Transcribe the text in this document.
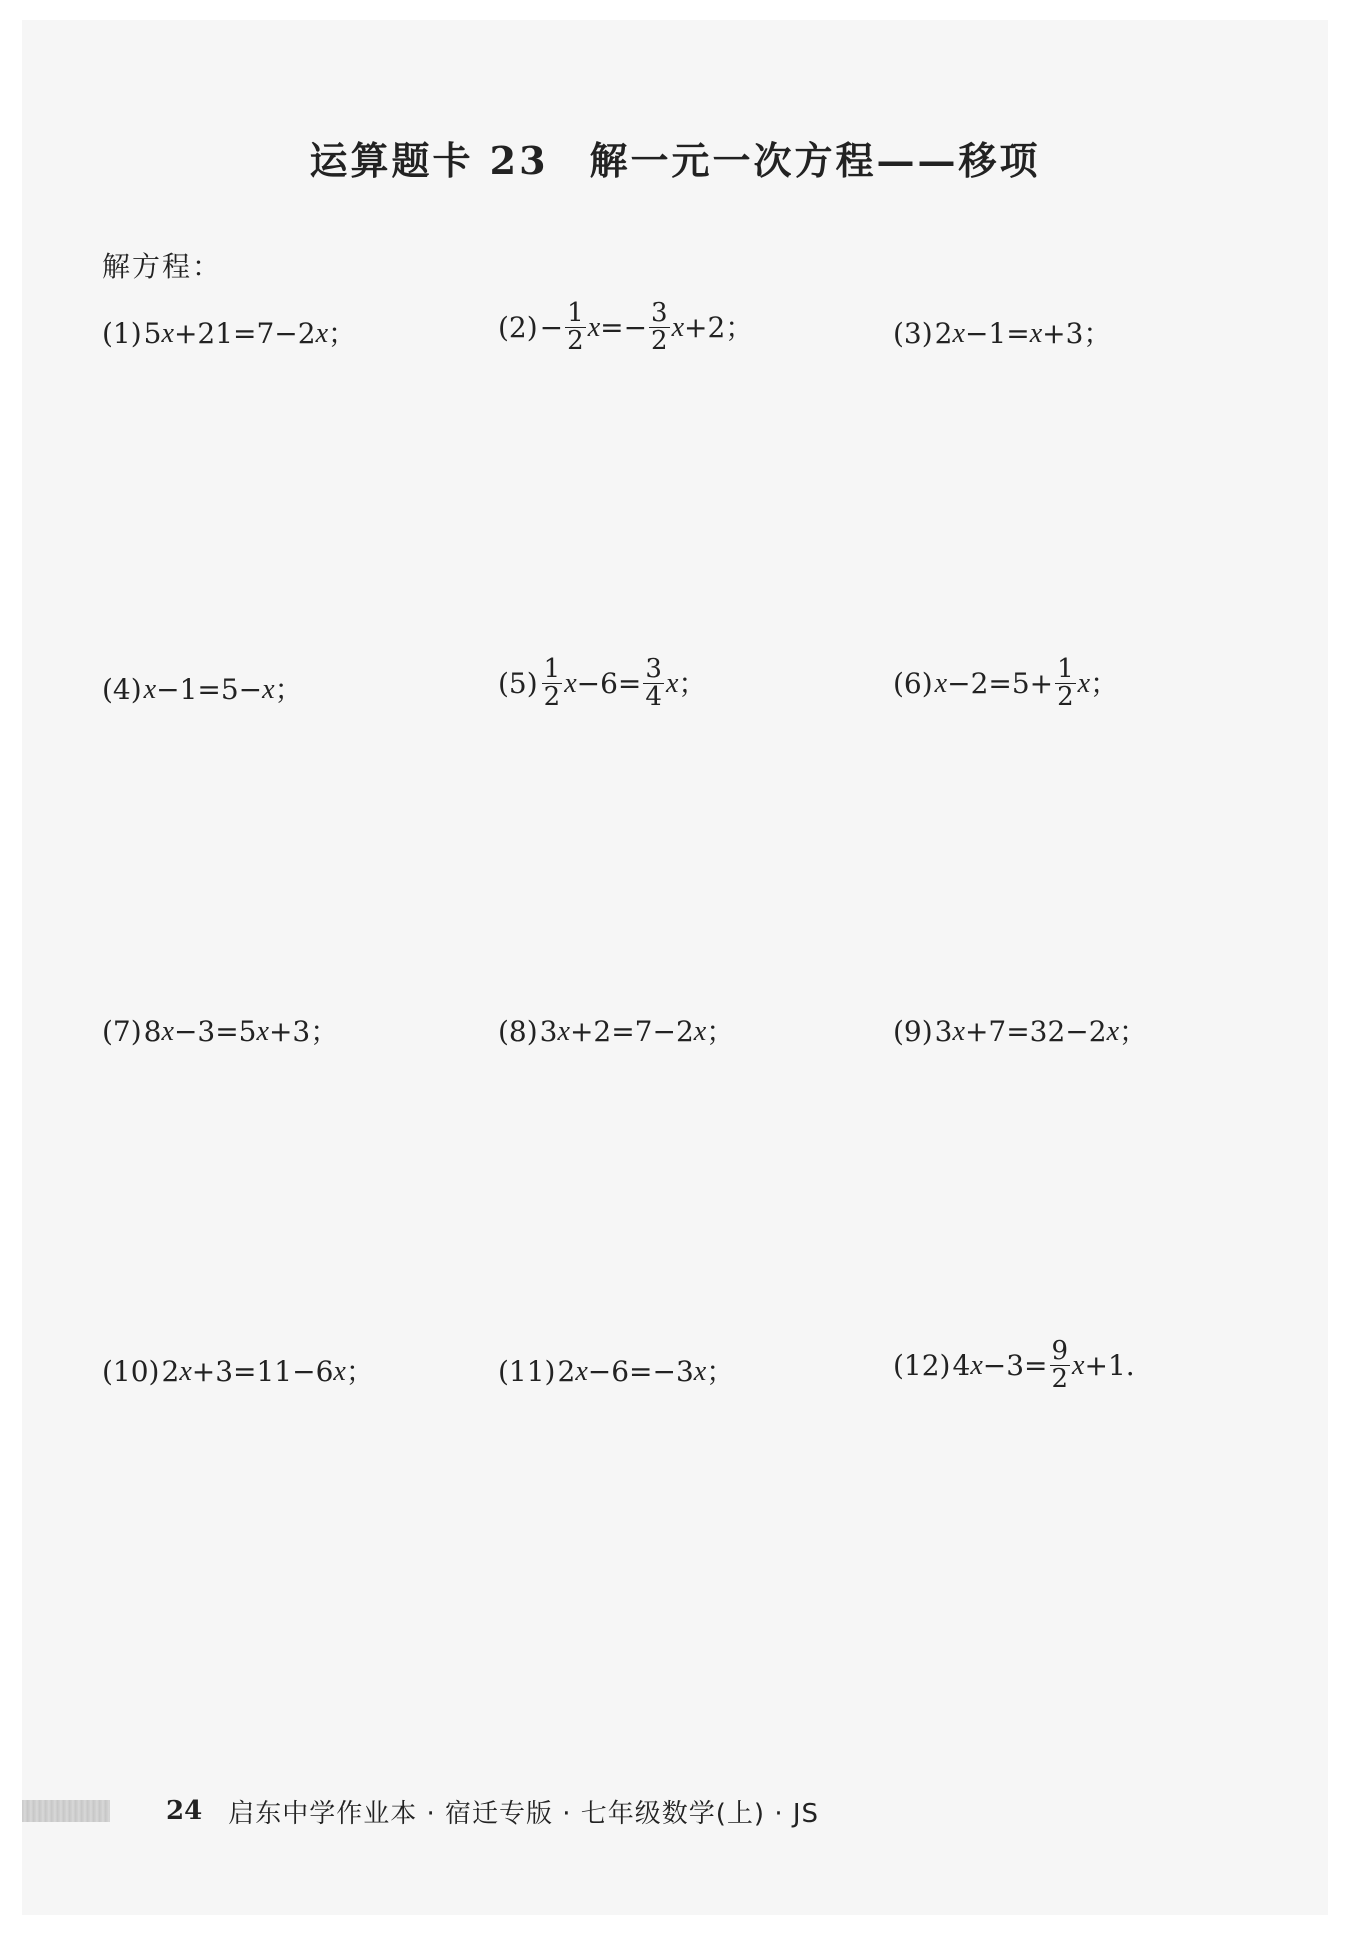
运算题卡 23　解一元一次方程——移项
解方程：
(1) 5 x +21=7−2 x ；	$(2) - \frac{1}{2}$ $x =- \frac{3}{2}$ x +2；	(3) 2 x −1= x +3；
(4) x −1=5− x ；	$(5) \frac{1}{2}$ $x -6= \frac{3}{4}$ x ；	(6) $x -2=5+ \frac{1}{2}$ x ；
(7) 8 x −3=5 x +3；	(8) 3 x +2=7−2 x ；	(9) 3 x +7=32−2 x ；
(10) 2 x +3=11−6 x ；	(11) 2 x −6=−3 x ；	(12) 4 $x -3= \frac{9}{2}$ x +1.
24 启东中学作业本 · 宿迁专版 · 七年级数学(上) · JS
